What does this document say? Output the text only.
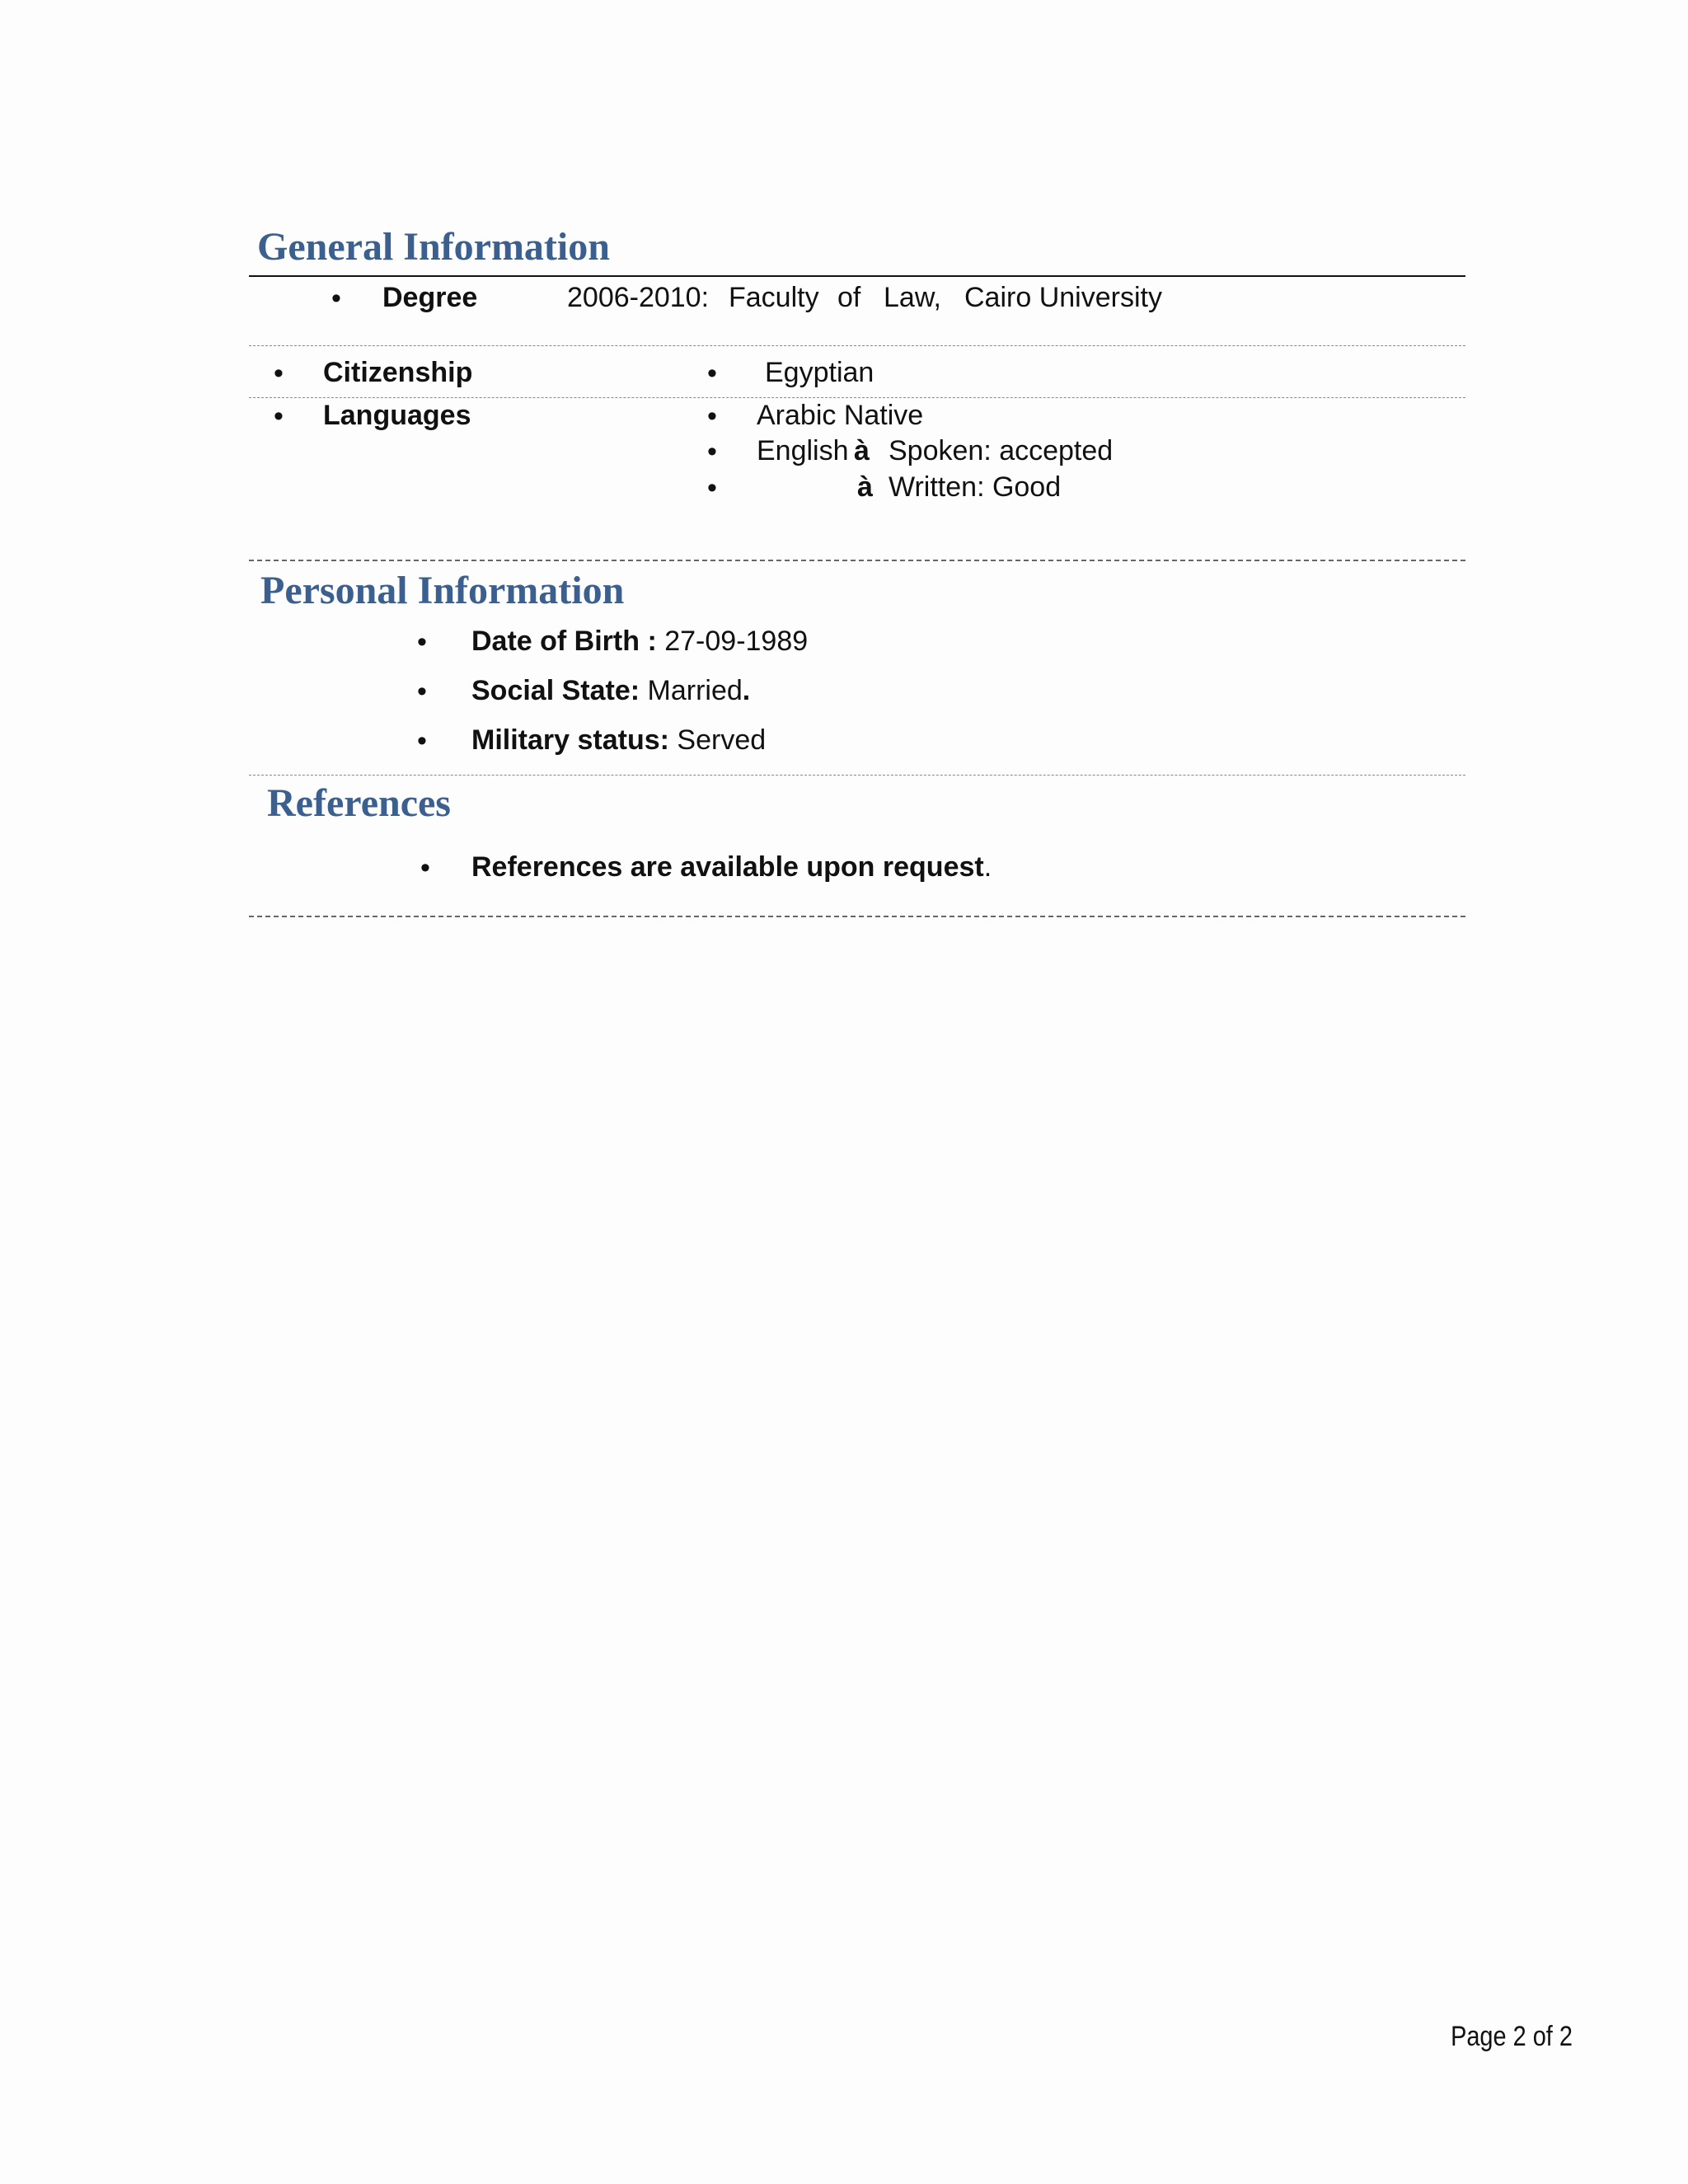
General Information
• Degree	2006-2010: Faculty of Law, Cairo University
• Citizenship	• Egyptian
• Languages	• Arabic Native
• English à Spoken: accepted
•	à Written: Good
Personal Information
• Date of Birth : 27-09-1989
• Social State: Married.
• Military status: Served
References
• References are available upon request.
Page 2 of 2
